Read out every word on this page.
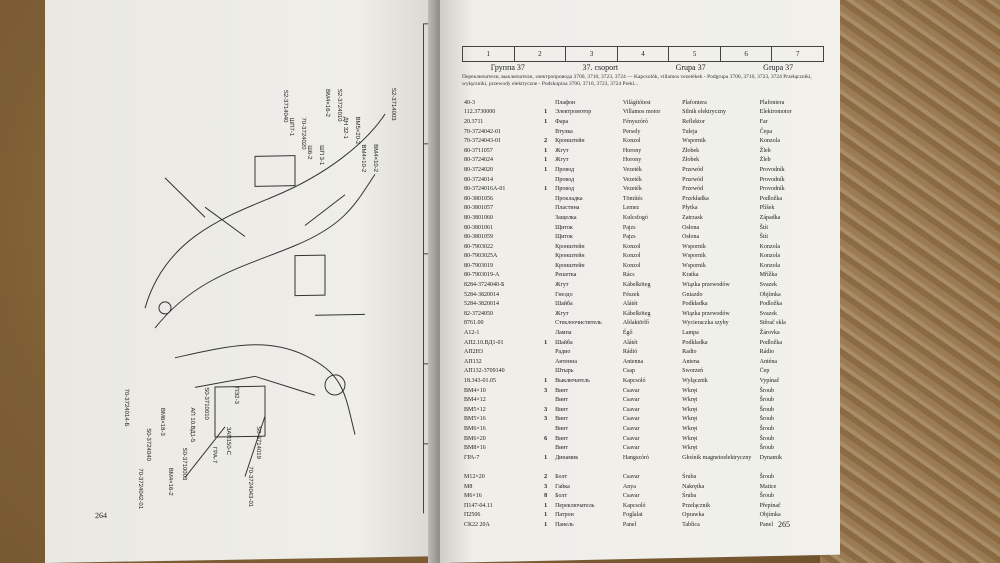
70-3724014-Б
S2-3714040
S0-3724040
70-3724020
ВМ4×16-2
ШП 3-1
АП 10.ВД1-5
S2-3724010
ГРА-7
ВМ5×20-2
ПЭ2-3
ВМ4×10-2
S0-3714019
S2-3714003
70-3724042-01
ШП7-1
ВМ6×18-3
Ш6-2
S0-3710003
ВМ4×16-2
S0-3710010
ДН 32-1
ЗАП150-С
ВМ4×10-2
70-3724043-01
264
1	2	3	4	5	6	7
Группа 37	37. csoport	Grupa 37	Grupa 37
Переключатели, выключатели, электропровода 3700, 3710, 3723, 3724 — Kapcsolók, villamos vezetékek - Podgrupa 3700, 3710, 3723, 3724 Przełączniki, wyłączniki, przewody elektryczne - Podskupina 3700, 3710, 3723, 3724 Prekl...
40-3		Плафон	Világítótest	Plafoniera	Plafoniera
112.3730000	1	Электромотор	Villamos motor	Silnik elektryczny	Elektromotor
20.3711	1	Фара	Fényszóró	Reflektor	Far
70-3724042-01		Втулка	Persely	Tuleja	Čepa
70-3724043-01	2	Кронштейн	Konzol	Wspornik	Konzola
80-3711057	1	Жгут	Horony	Żłobek	Žleb
80-3724024	1	Жгут	Horony	Żłobek	Žleb
80-3724020	1	Провод	Vezeték	Przewód	Provodník
80-3724014		Провод	Vezeték	Przewód	Provodník
80-3724016А-01	1	Провод	Vezeték	Przewód	Provodník
80-3801056		Прокладка	Tömítés	Przekładka	Podložka
80-3801057		Пластина	Lemez	Płytka	Plíšek
80-3801060		Защелка	Kulcsfogó	Zatrzask	Západka
80-3801061		Щиток	Pajzs	Osłona	Štít
80-3801059		Щиток	Pajzs	Osłona	Štít
80-7903022		Кронштейн	Konzol	Wspornik	Konzola
80-7903025А		Кронштейн	Konzol	Wspornik	Konzola
80-7903019		Кронштейн	Konzol	Wspornik	Konzola
80-7903019-А		Решетка	Rács	Kratka	Mřížka
8284-3724040-Б		Жгут	Kábelköteg	Wiązka przewodów	Svazek
5284-3820014		Гнездо	Fészek	Gniazdo	Objímka
5284-3820014		Шайба	Alátét	Podkładka	Podložka
82-3724050		Жгут	Kábelköteg	Wiązka przewodów	Svazek
8761.00		Стеклоочиститель	Ablaktörlő	Wycieraczka szyby	Stěrač skla
А12-1		Лампа	Égő	Lampa	Žárovka
АП2.10.ВД1-01	1	Шайба	Alátét	Podkładka	Podložka
АП2Н3		Радио	Rádió	Radio	Rádio
АП132		Антенна	Antenna	Antena	Anténa
АП132-3709140		Штырь	Csap	Sworzeń	Čep
18.343-01.05	1	Выключатель	Kapcsoló	Wyłącznik	Vypínač
ВМ4×10	3	Винт	Csavar	Wkręt	Šroub
ВМ4×12		Винт	Csavar	Wkręt	Šroub
ВМ5×12	3	Винт	Csavar	Wkręt	Šroub
ВМ5×16	3	Винт	Csavar	Wkręt	Šroub
ВМ6×16		Винт	Csavar	Wkręt	Šroub
ВМ6×20	6	Винт	Csavar	Wkręt	Šroub
ВМ8×16		Винт	Csavar	Wkręt	Šroub
ГРА-7	1	Динамик	Hangszóró	Głośnik magnetoelektryczny	Dynamik

М12×20	2	Болт	Csavar	Śruba	Šroub
М8	3	Гайка	Anya	Nakrętka	Matice
М6×16	8	Болт	Csavar	Śruba	Šroub
П147-04.11	1	Переключатель	Kapcsoló	Przełącznik	Přepínač
П2506	1	Патрон	Foglalat	Oprawka	Objímka
СК22 20А	1	Панель	Panel	Tablica	Panel 265
